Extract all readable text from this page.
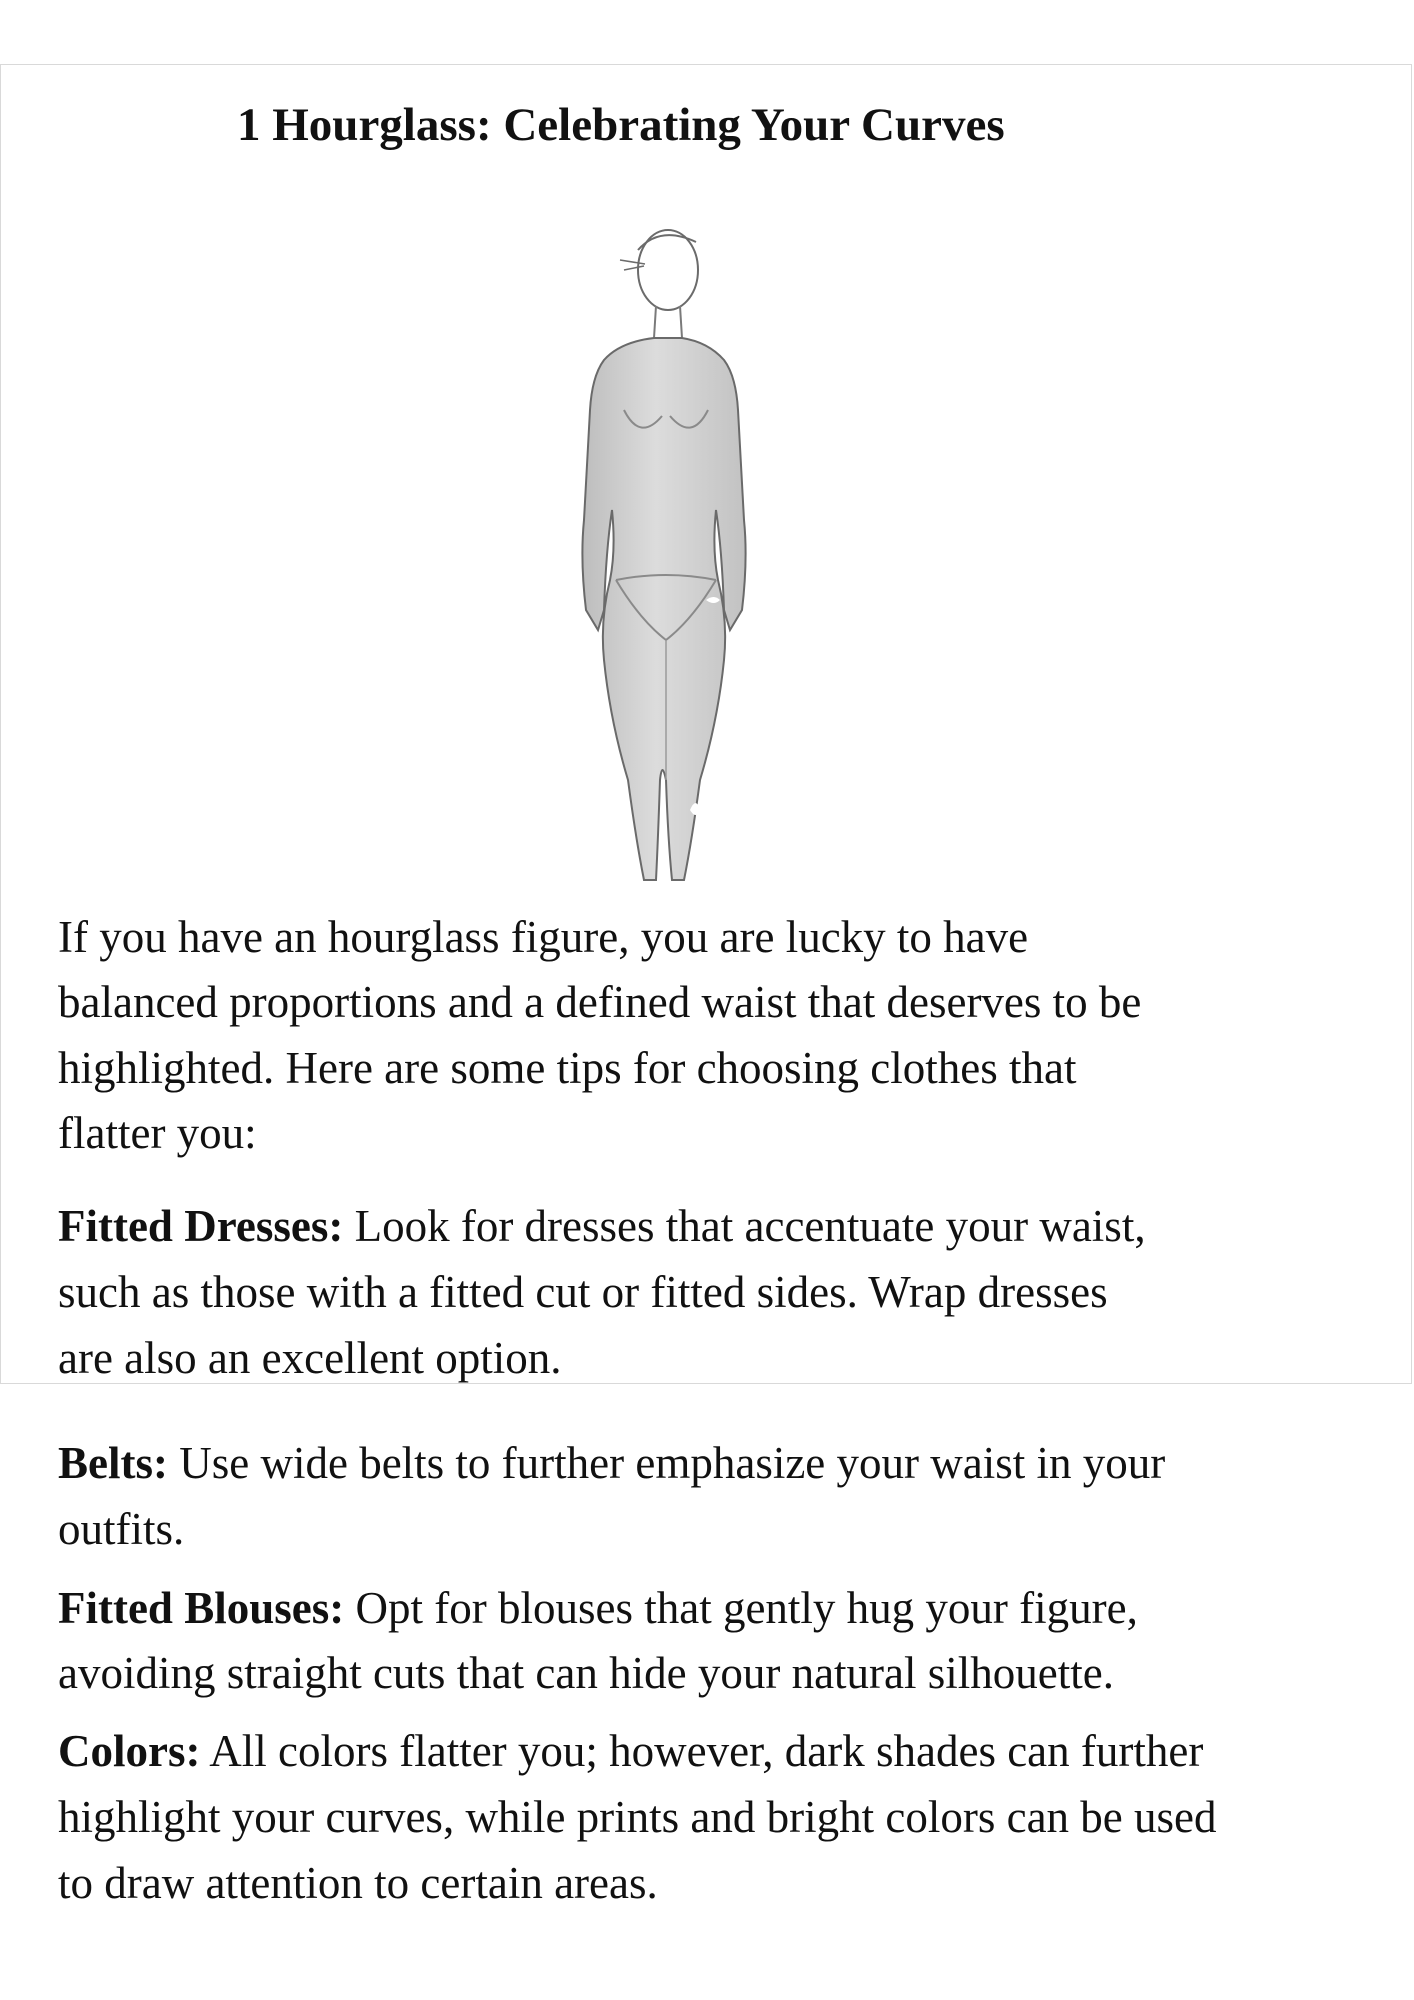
1 Hourglass: Celebrating Your Curves

If you have an hourglass figure, you are lucky to have
balanced proportions and a defined waist that deserves to be
highlighted. Here are some tips for choosing clothes that
flatter you:

Fitted Dresses: Look for dresses that accentuate your waist,
such as those with a fitted cut or fitted sides. Wrap dresses
are also an excellent option.

Belts: Use wide belts to further emphasize your waist in your
outfits.

Fitted Blouses: Opt for blouses that gently hug your figure,
avoiding straight cuts that can hide your natural silhouette.

Colors: All colors flatter you; however, dark shades can further
highlight your curves, while prints and bright colors can be used
to draw attention to certain areas.
